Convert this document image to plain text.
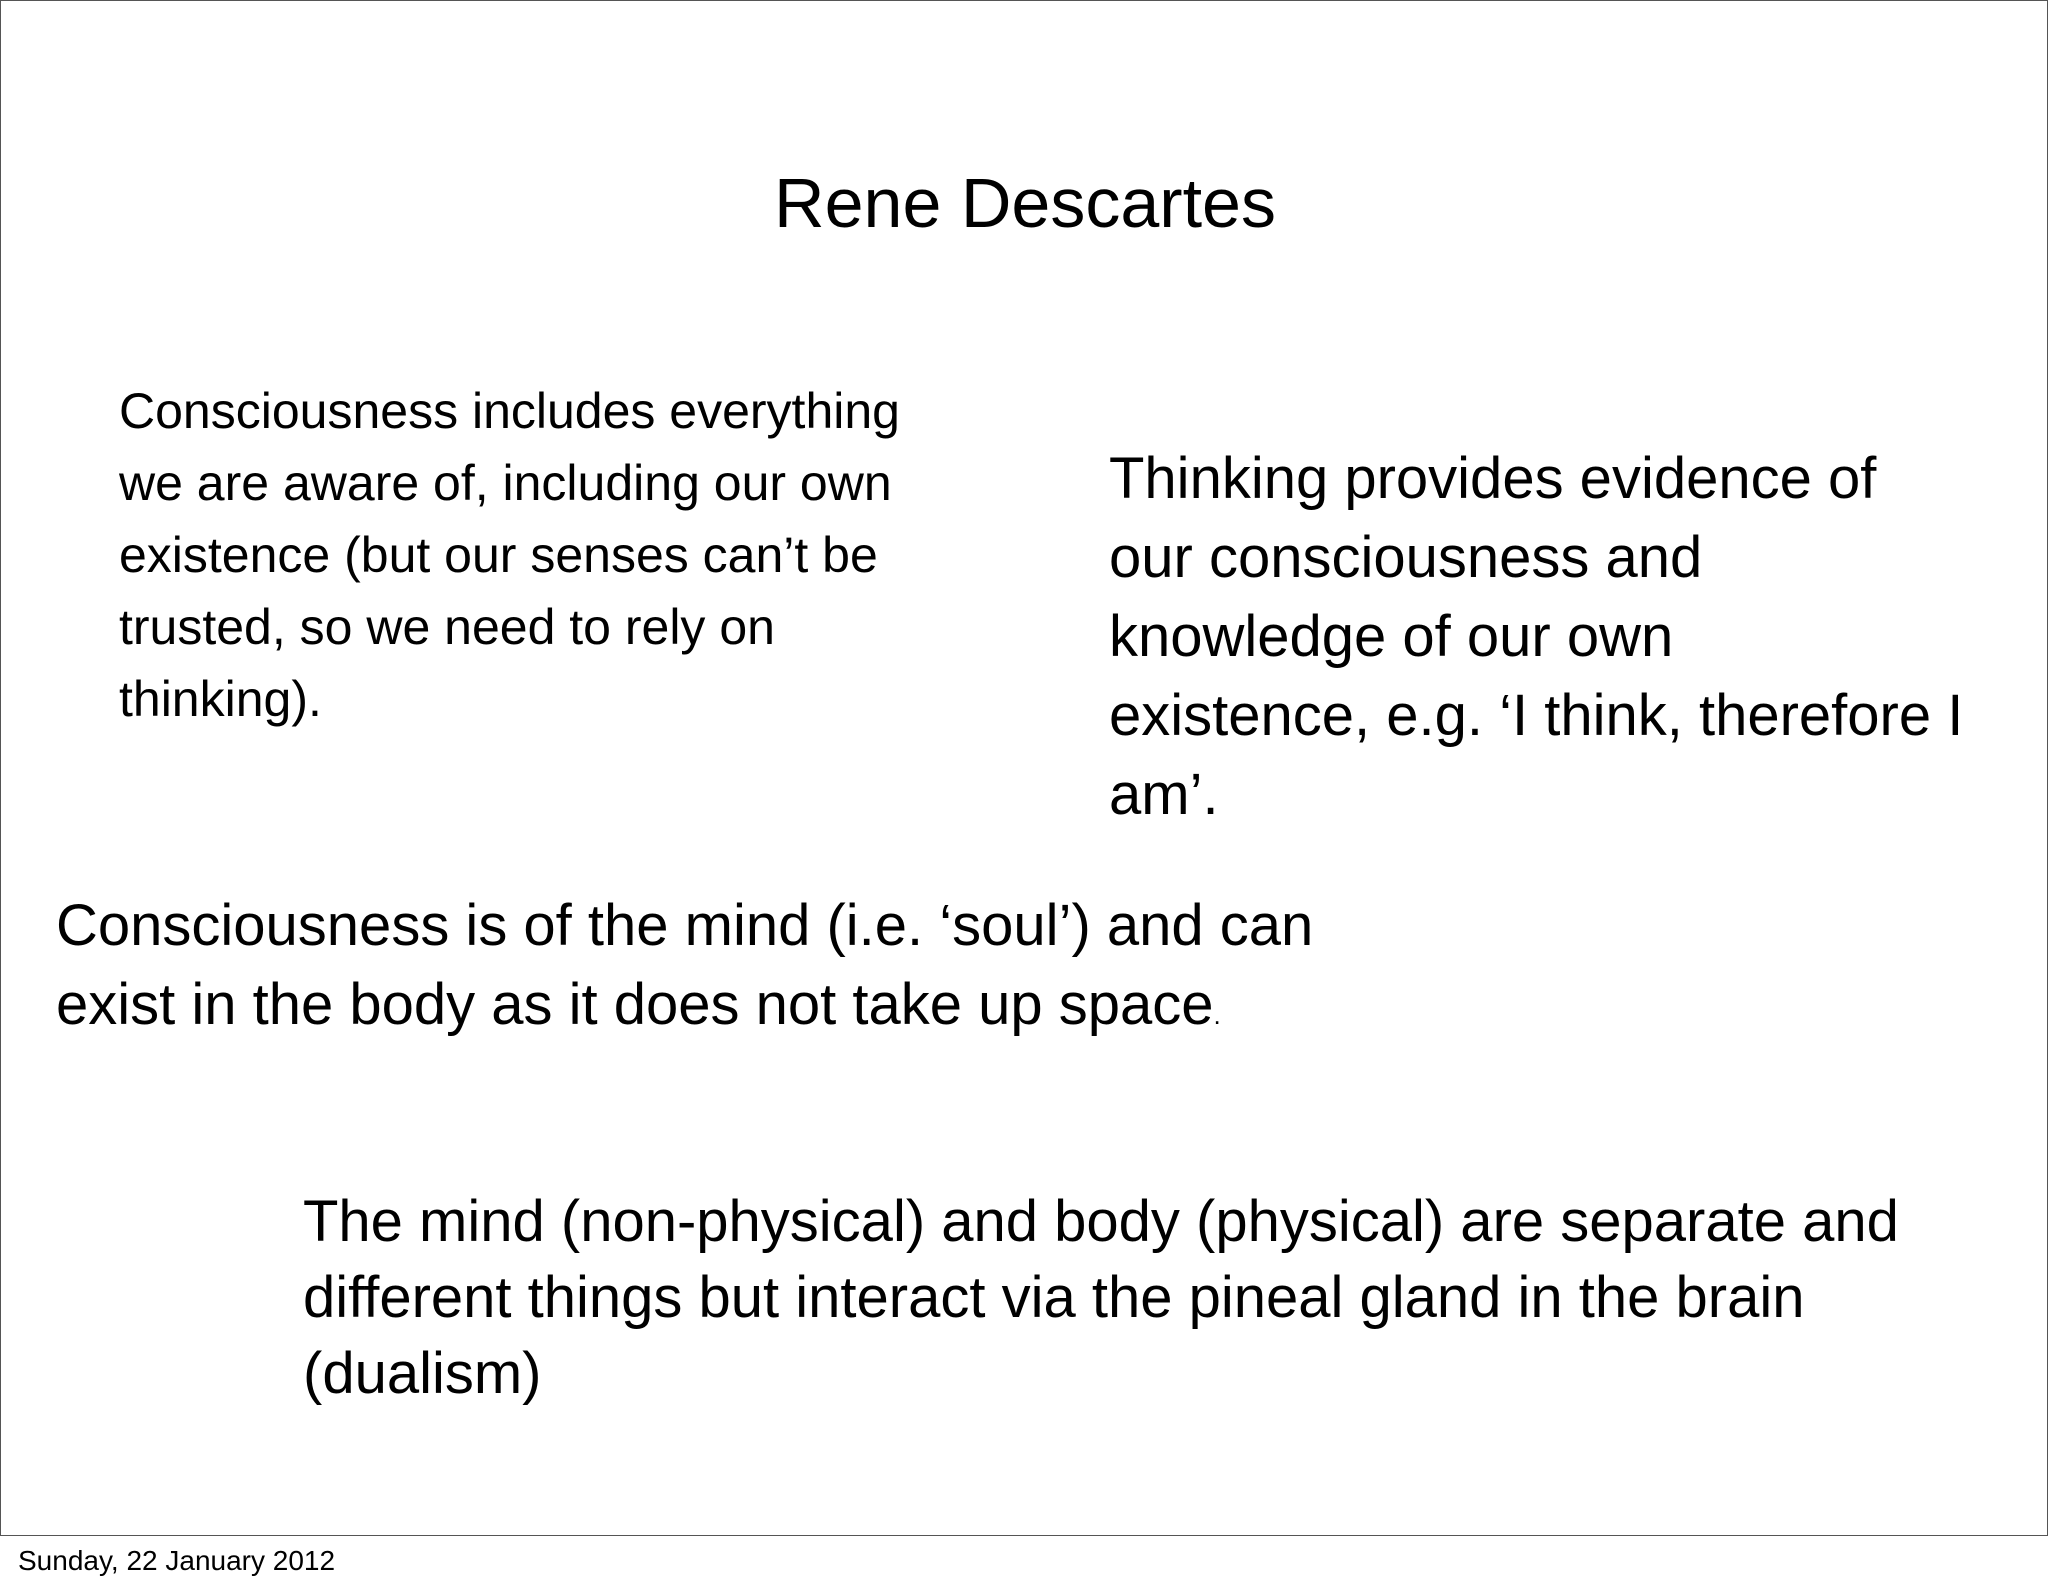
Rene Descartes
Consciousness includes everything
we are aware of, including our own
existence (but our senses can’t be
trusted, so we need to rely on
thinking).
Thinking provides evidence of
our consciousness and
knowledge of our own
existence, e.g. ‘I think, therefore I
am’.
Consciousness is of the mind (i.e. ‘soul’) and can
exist in the body as it does not take up space.
The mind (non-physical) and body (physical) are separate and
different things but interact via the pineal gland in the brain
(dualism)
Sunday, 22 January 2012
